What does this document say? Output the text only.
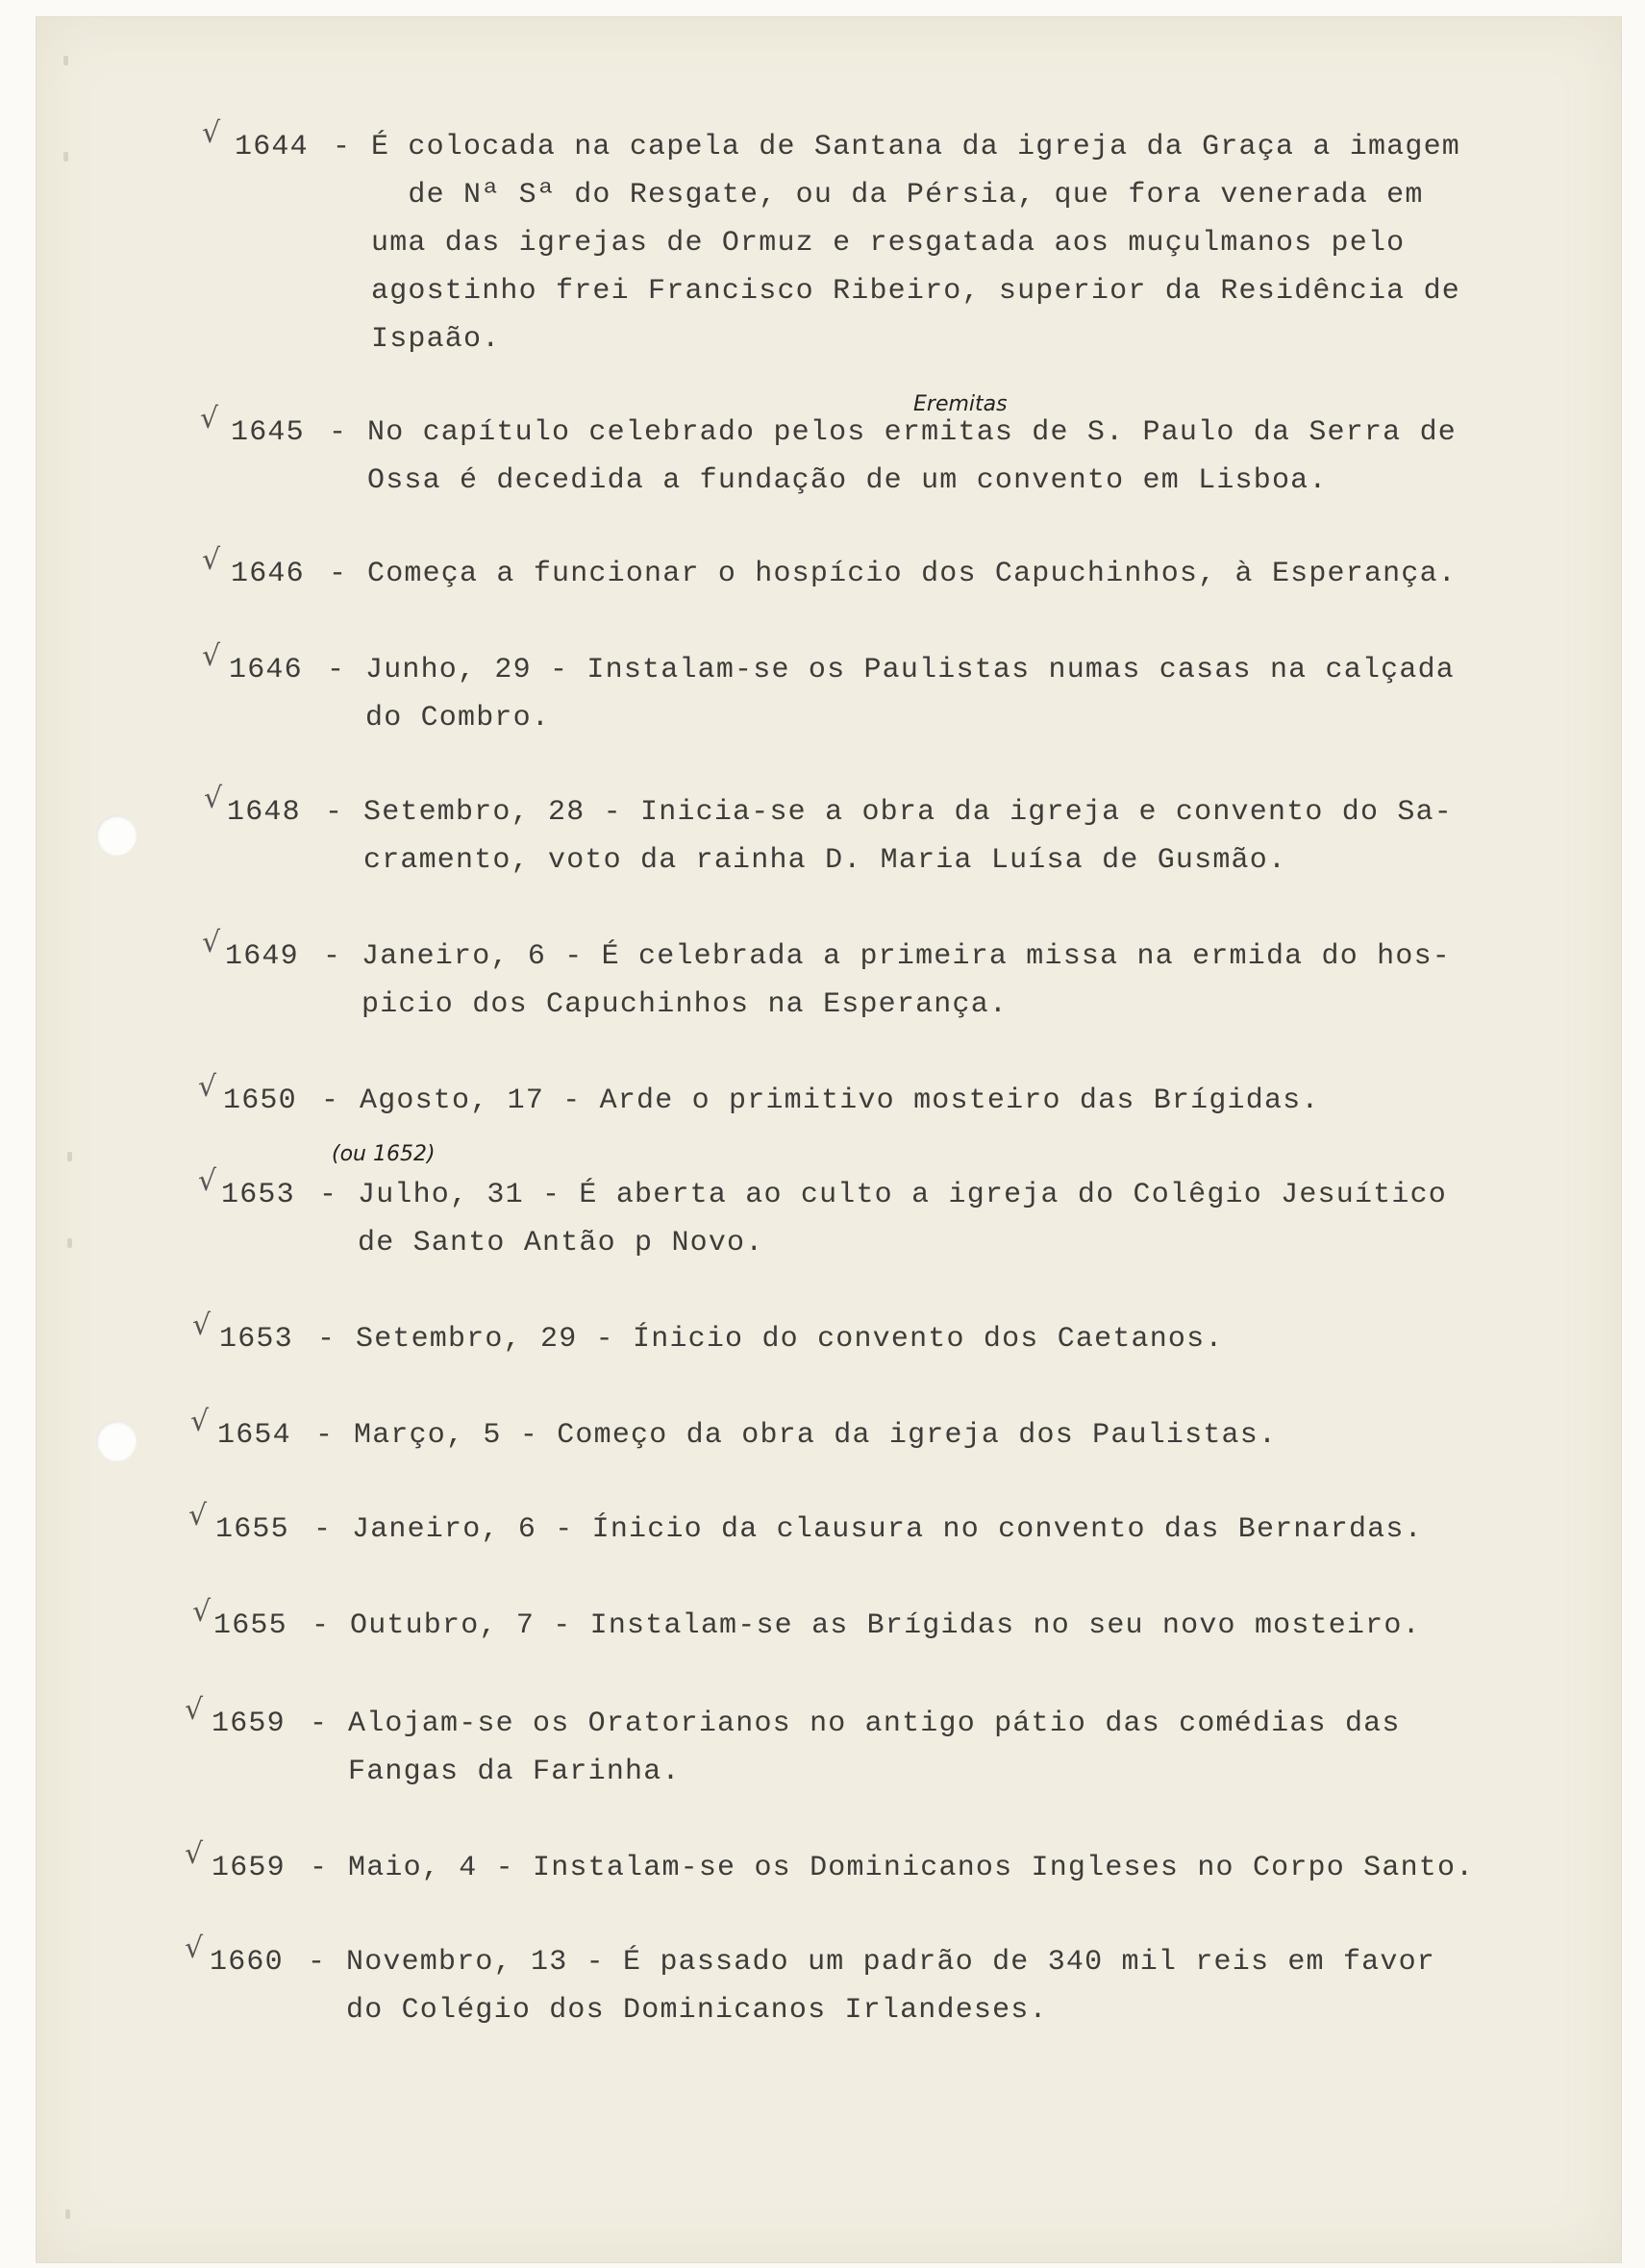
√ 1644 - É colocada na capela de Santana da igreja da Graça a imagem
de Nª Sª do Resgate, ou da Pérsia, que fora venerada em
uma das igrejas de Ormuz e resgatada aos muçulmanos pelo
agostinho frei Francisco Ribeiro, superior da Residência de
Ispaão.
√ 1645 - No capítulo celebrado pelos ermitas de S. Paulo da Serra de
Ossa é decedida a fundação de um convento em Lisboa.
Eremitas
√ 1646 - Começa a funcionar o hospício dos Capuchinhos, à Esperança.
√ 1646 - Junho, 29 - Instalam-se os Paulistas numas casas na calçada
do Combro.
√ 1648 - Setembro, 28 - Inicia-se a obra da igreja e convento do Sa-
cramento, voto da rainha D. Maria Luísa de Gusmão.
√ 1649 - Janeiro, 6 - É celebrada a primeira missa na ermida do hos-
picio dos Capuchinhos na Esperança.
√ 1650 - Agosto, 17 - Arde o primitivo mosteiro das Brígidas.
(ou 1652)
√ 1653 - Julho, 31 - É aberta ao culto a igreja do Colêgio Jesuítico
de Santo Antão p Novo.
√ 1653 - Setembro, 29 - Ínicio do convento dos Caetanos.
√ 1654 - Março, 5 - Começo da obra da igreja dos Paulistas.
√ 1655 - Janeiro, 6 - Ínicio da clausura no convento das Bernardas.
√ 1655 - Outubro, 7 - Instalam-se as Brígidas no seu novo mosteiro.
√ 1659 - Alojam-se os Oratorianos no antigo pátio das comédias das
Fangas da Farinha.
√ 1659 - Maio, 4 - Instalam-se os Dominicanos Ingleses no Corpo Santo.
√ 1660 - Novembro, 13 - É passado um padrão de 340 mil reis em favor
do Colégio dos Dominicanos Irlandeses.
